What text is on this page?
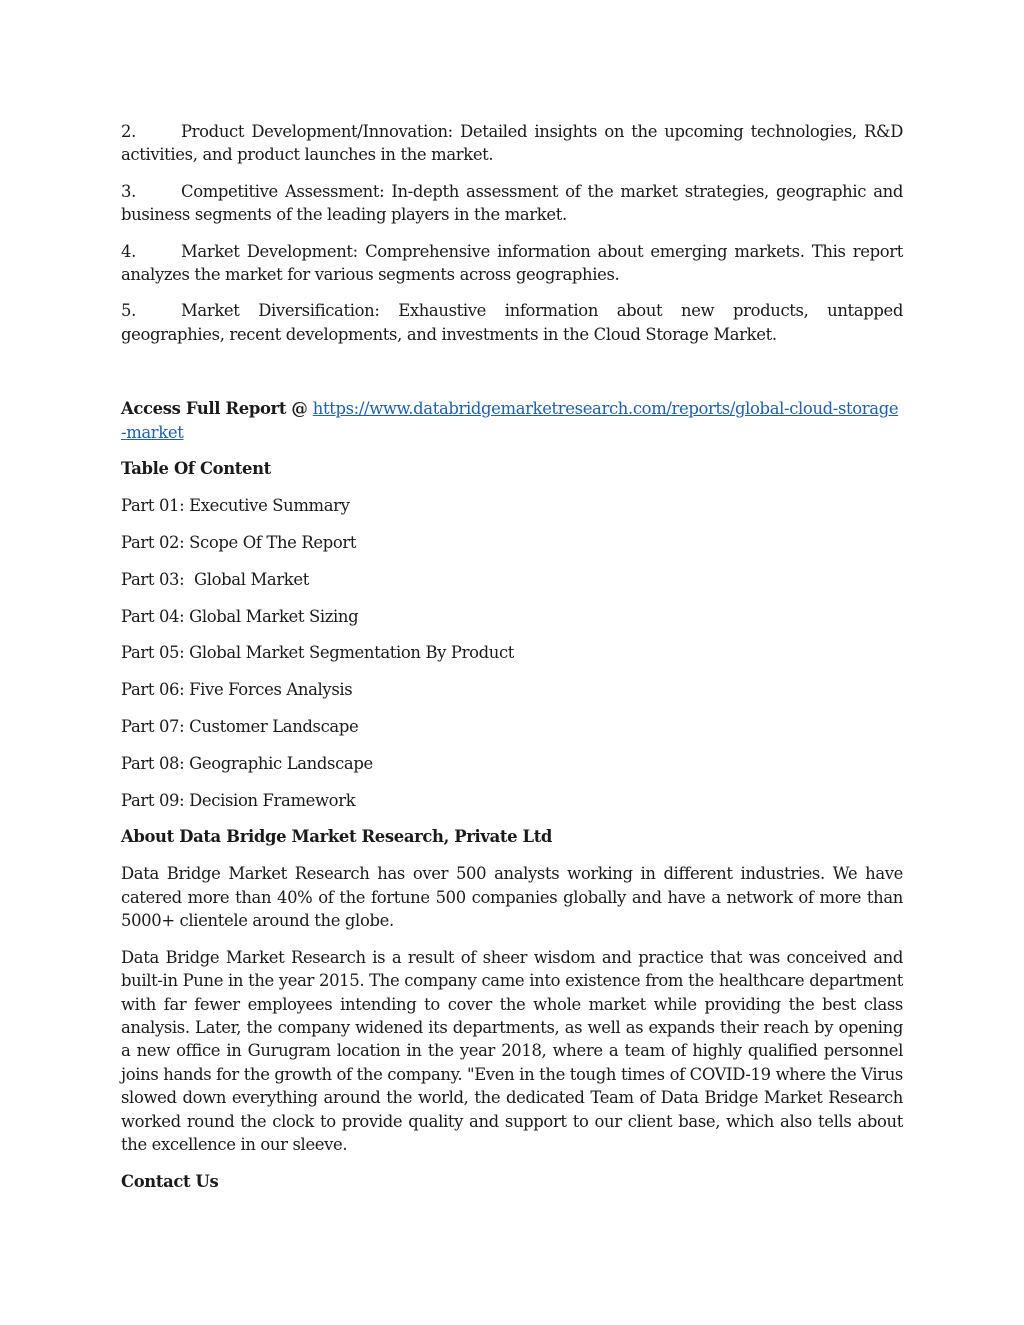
2.	Product Development/Innovation: Detailed insights on the upcoming technologies, R&D activities, and product launches in the market.
3.	Competitive Assessment: In-depth assessment of the market strategies, geographic and business segments of the leading players in the market.
4.	Market Development: Comprehensive information about emerging markets. This report analyzes the market for various segments across geographies.
5.	Market Diversification: Exhaustive information about new products, untapped geographies, recent developments, and investments in the Cloud Storage Market.

Access Full Report @ https://www.databridgemarketresearch.com/reports/global-cloud-storage-market

Table Of Content

Part 01: Executive Summary

Part 02: Scope Of The Report

Part 03:  Global Market

Part 04: Global Market Sizing

Part 05: Global Market Segmentation By Product

Part 06: Five Forces Analysis

Part 07: Customer Landscape

Part 08: Geographic Landscape

Part 09: Decision Framework

About Data Bridge Market Research, Private Ltd

Data Bridge Market Research has over 500 analysts working in different industries. We have catered more than 40% of the fortune 500 companies globally and have a network of more than 5000+ clientele around the globe.

Data Bridge Market Research is a result of sheer wisdom and practice that was conceived and built-in Pune in the year 2015. The company came into existence from the healthcare department with far fewer employees intending to cover the whole market while providing the best class analysis. Later, the company widened its departments, as well as expands their reach by opening a new office in Gurugram location in the year 2018, where a team of highly qualified personnel joins hands for the growth of the company. "Even in the tough times of COVID-19 where the Virus slowed down everything around the world, the dedicated Team of Data Bridge Market Research worked round the clock to provide quality and support to our client base, which also tells about the excellence in our sleeve.

Contact Us
